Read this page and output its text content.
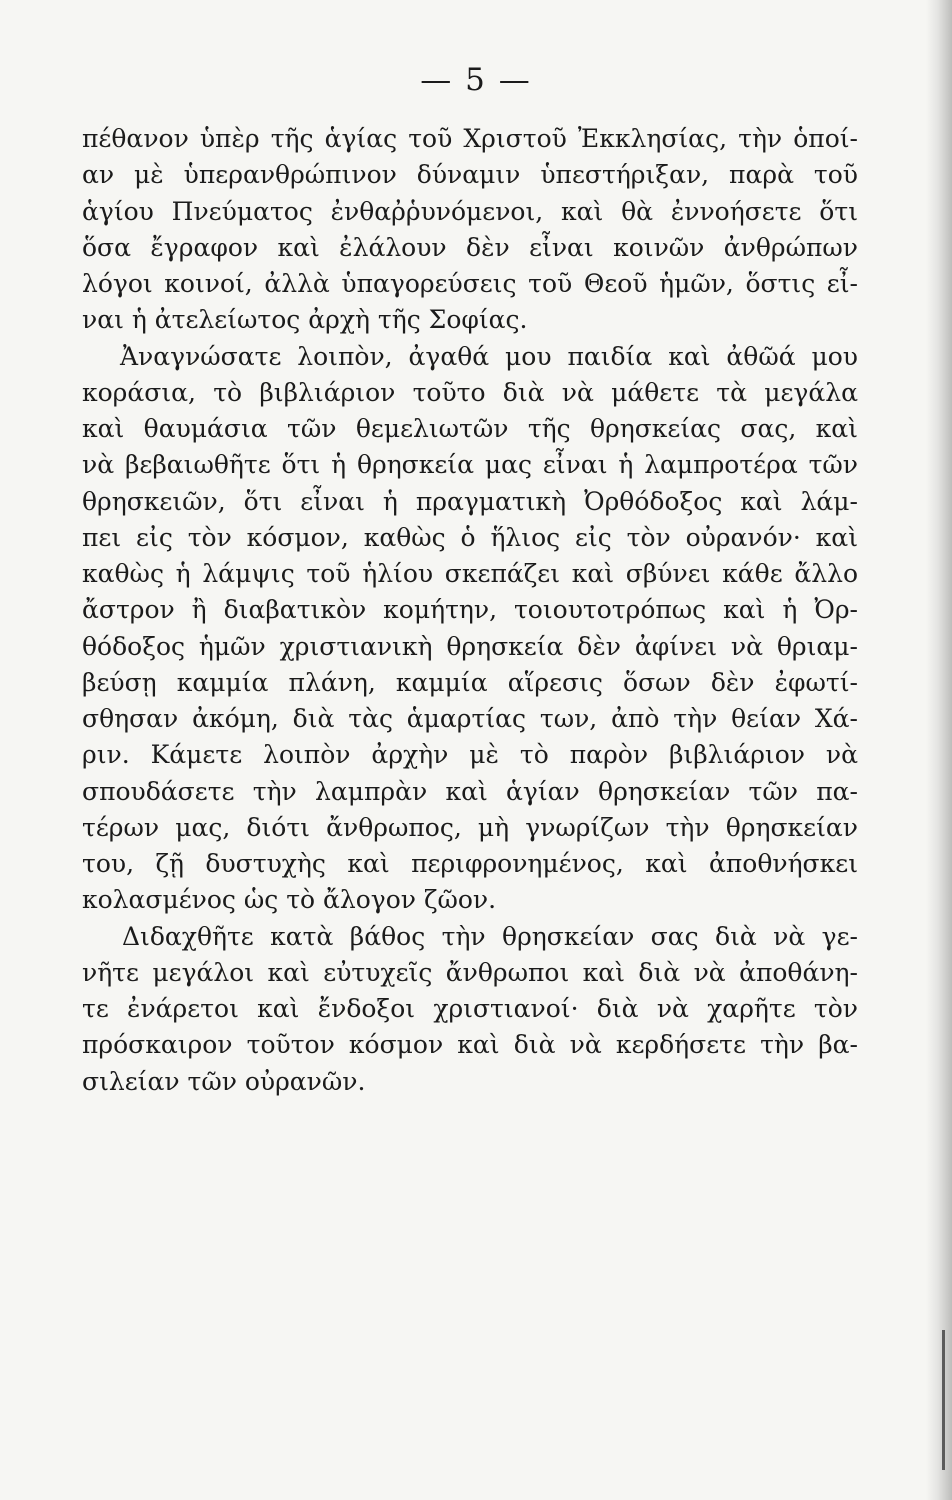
— 5 —
πέθανον ὑπὲρ τῆς ἁγίας τοῦ Χριστοῦ Ἐκκλησίας, τὴν ὁποί-
αν μὲ ὑπερανθρώπινον δύναμιν ὑπεστήριξαν, παρὰ τοῦ
ἁγίου Πνεύματος ἐνθαῤῥυνόμενοι, καὶ θὰ ἐννοήσετε ὅτι
ὅσα ἔγραφον καὶ ἐλάλουν δὲν εἶναι κοινῶν ἀνθρώπων
λόγοι κοινοί, ἀλλὰ ὑπαγορεύσεις τοῦ Θεοῦ ἡμῶν, ὅστις εἶ-
ναι ἡ ἀτελείωτος ἀρχὴ τῆς Σοφίας.
Ἀναγνώσατε λοιπὸν, ἀγαθά μου παιδία καὶ ἀθῶά μου
κοράσια, τὸ βιβλιάριον τοῦτο διὰ νὰ μάθετε τὰ μεγάλα
καὶ θαυμάσια τῶν θεμελιωτῶν τῆς θρησκείας σας, καὶ
νὰ βεβαιωθῆτε ὅτι ἡ θρησκεία μας εἶναι ἡ λαμπροτέρα τῶν
θρησκειῶν, ὅτι εἶναι ἡ πραγματικὴ Ὀρθόδοξος καὶ λάμ-
πει εἰς τὸν κόσμον, καθὼς ὁ ἥλιος εἰς τὸν οὐρανόν· καὶ
καθὼς ἡ λάμψις τοῦ ἡλίου σκεπάζει καὶ σβύνει κάθε ἄλλο
ἄστρον ἢ διαβατικὸν κομήτην, τοιουτοτρόπως καὶ ἡ Ὀρ-
θόδοξος ἡμῶν χριστιανικὴ θρησκεία δὲν ἀφίνει νὰ θριαμ-
βεύσῃ καμμία πλάνη, καμμία αἵρεσις ὅσων δὲν ἐφωτί-
σθησαν ἀκόμη, διὰ τὰς ἁμαρτίας των, ἀπὸ τὴν θείαν Χά-
ριν. Κάμετε λοιπὸν ἀρχὴν μὲ τὸ παρὸν βιβλιάριον νὰ
σπουδάσετε τὴν λαμπρὰν καὶ ἁγίαν θρησκείαν τῶν πα-
τέρων μας, διότι ἄνθρωπος, μὴ γνωρίζων τὴν θρησκείαν
του, ζῇ δυστυχὴς καὶ περιφρονημένος, καὶ ἀποθνήσκει
κολασμένος ὡς τὸ ἄλογον ζῶον.
Διδαχθῆτε κατὰ βάθος τὴν θρησκείαν σας διὰ νὰ γε-
νῆτε μεγάλοι καὶ εὐτυχεῖς ἄνθρωποι καὶ διὰ νὰ ἀποθάνη-
τε ἐνάρετοι καὶ ἔνδοξοι χριστιανοί· διὰ νὰ χαρῆτε τὸν
πρόσκαιρον τοῦτον κόσμον καὶ διὰ νὰ κερδήσετε τὴν βα-
σιλείαν τῶν οὐρανῶν.
